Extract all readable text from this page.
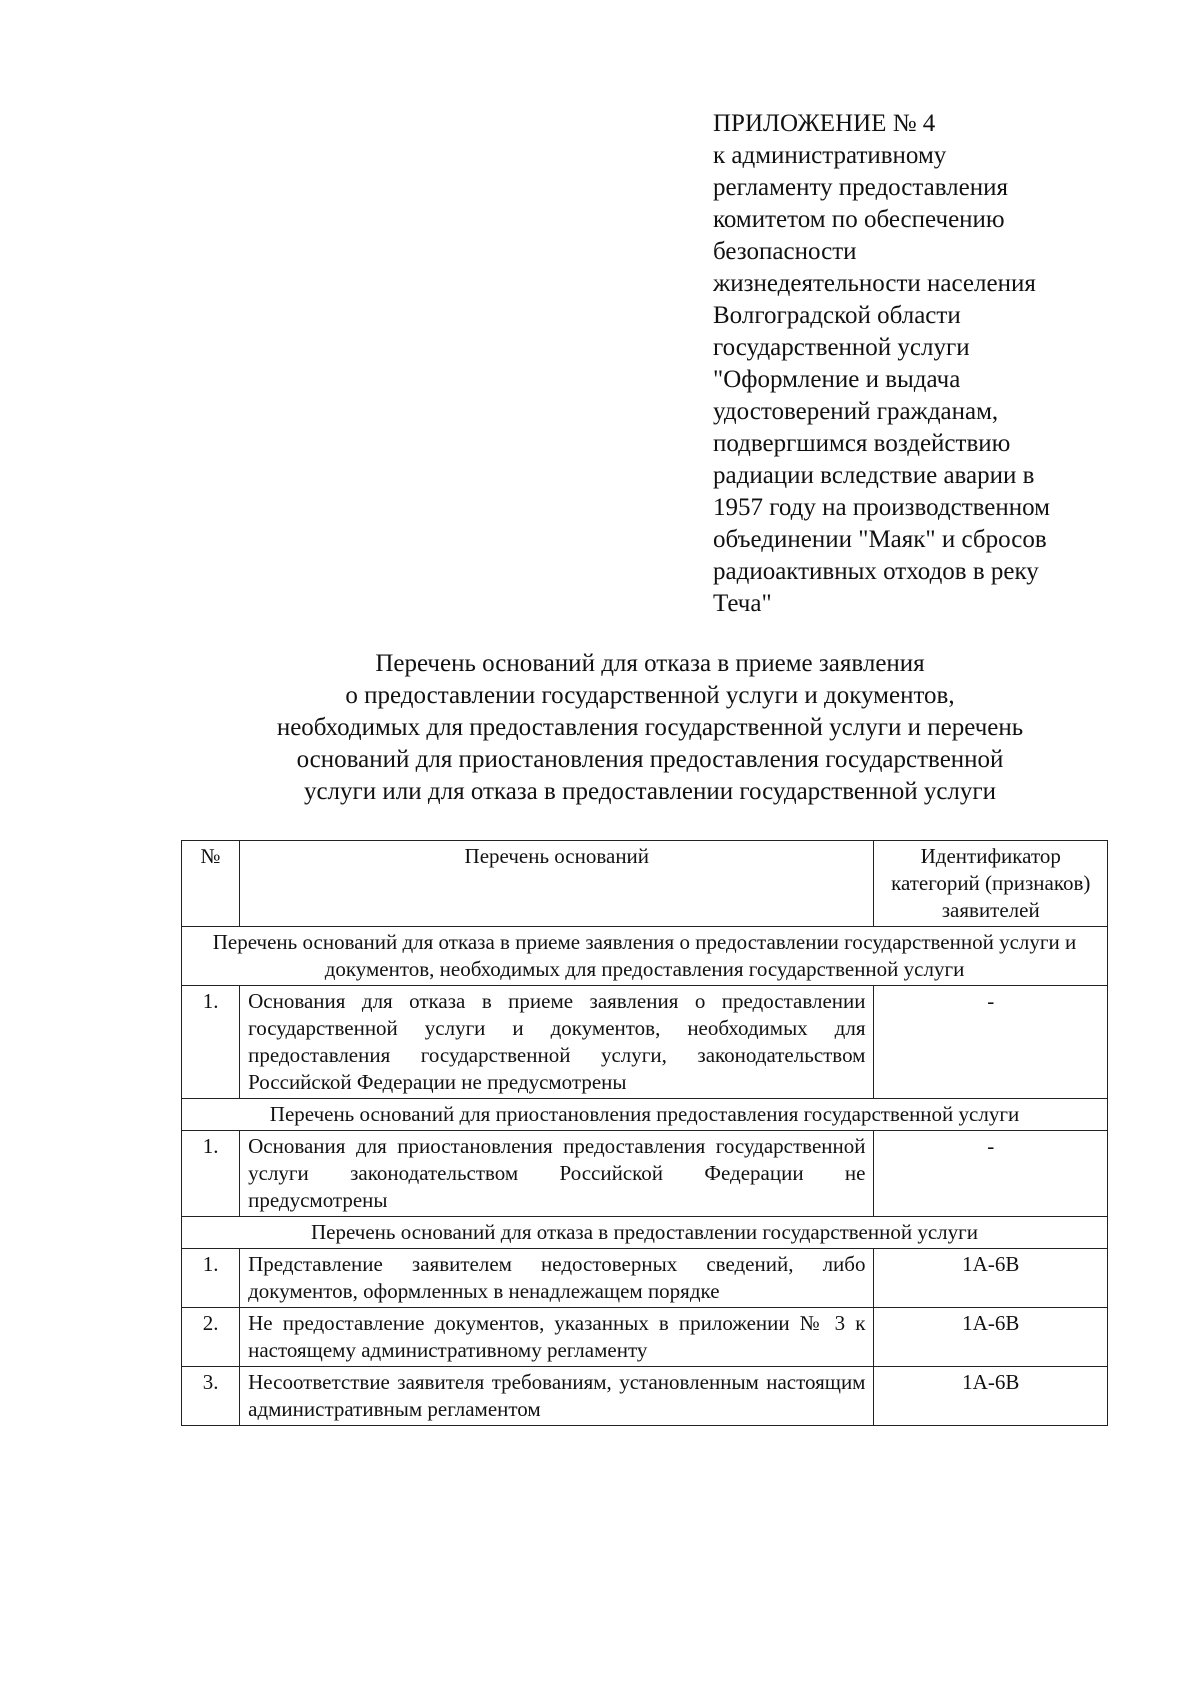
ПРИЛОЖЕНИЕ № 4
к административному
регламенту предоставления
комитетом по обеспечению
безопасности
жизнедеятельности населения
Волгоградской области
государственной услуги
"Оформление и выдача
удостоверений гражданам,
подвергшимся воздействию
радиации вследствие аварии в
1957 году на производственном
объединении "Маяк" и сбросов
радиоактивных отходов в реку
Теча"
Перечень оснований для отказа в приеме заявления
о предоставлении государственной услуги и документов,
необходимых для предоставления государственной услуги и перечень
оснований для приостановления предоставления государственной
услуги или для отказа в предоставлении государственной услуги
№	Перечень оснований	Идентификатор категорий (признаков) заявителей
Перечень оснований для отказа в приеме заявления о предоставлении государственной услуги и документов, необходимых для предоставления государственной услуги		
1.	Основания для отказа в приеме заявления о предоставлении государственной услуги и документов, необходимых для предоставления государственной услуги, законодательством Российской Федерации не предусмотрены	-
Перечень оснований для приостановления предоставления государственной услуги		
1.	Основания для приостановления предоставления государственной услуги законодательством Российской Федерации не предусмотрены	-
Перечень оснований для отказа в предоставлении государственной услуги		
1.	Представление заявителем недостоверных сведений, либо документов, оформленных в ненадлежащем порядке	1А-6В
2.	Не предоставление документов, указанных в приложении № 3 к настоящему административному регламенту	1А-6В
3.	Несоответствие заявителя требованиям, установленным настоящим административным регламентом	1А-6В
